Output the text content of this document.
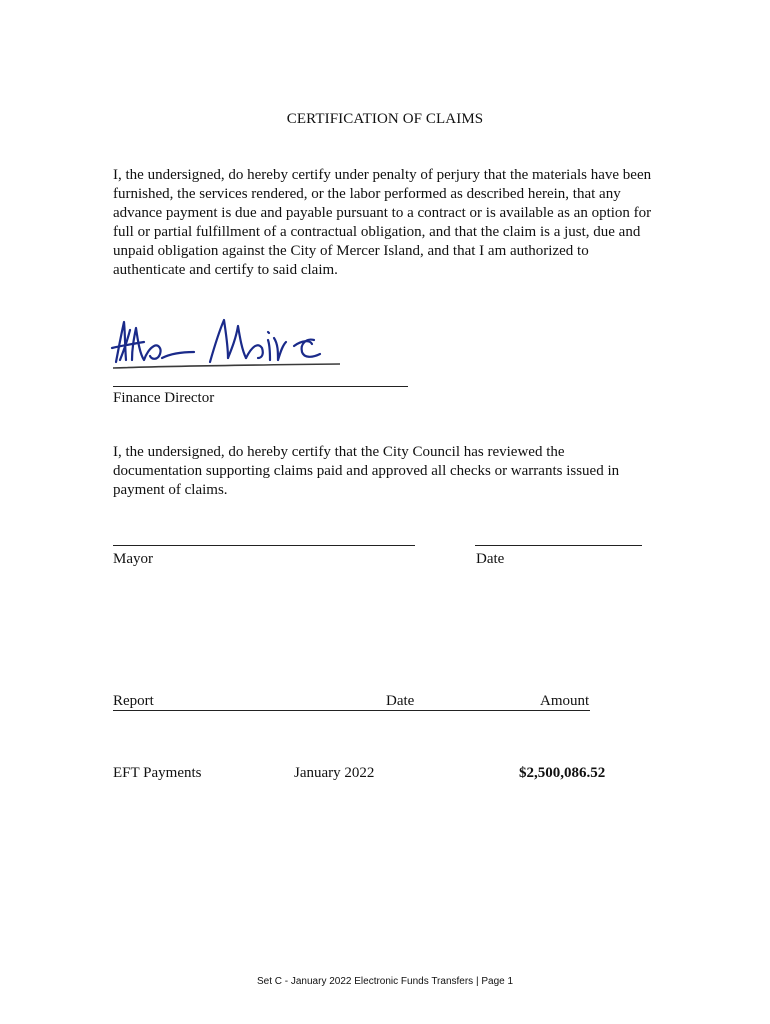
CERTIFICATION OF CLAIMS
I, the undersigned, do hereby certify under penalty of perjury that the materials have been
furnished, the services rendered, or the labor performed as described herein, that any
advance payment is due and payable pursuant to a contract or is available as an option for
full or partial fulfillment of a contractual obligation, and that the claim is a just, due and
unpaid obligation against the City of Mercer Island, and that I am authorized to
authenticate and certify to said claim.
Finance Director
I, the undersigned, do hereby certify that the City Council has reviewed the
documentation supporting claims paid and approved all checks or warrants issued in
payment of claims.
Mayor	Date
Report	Date	Amount
EFT Payments	January 2022	$2,500,086.52
Set C - January 2022 Electronic Funds Transfers | Page 1
